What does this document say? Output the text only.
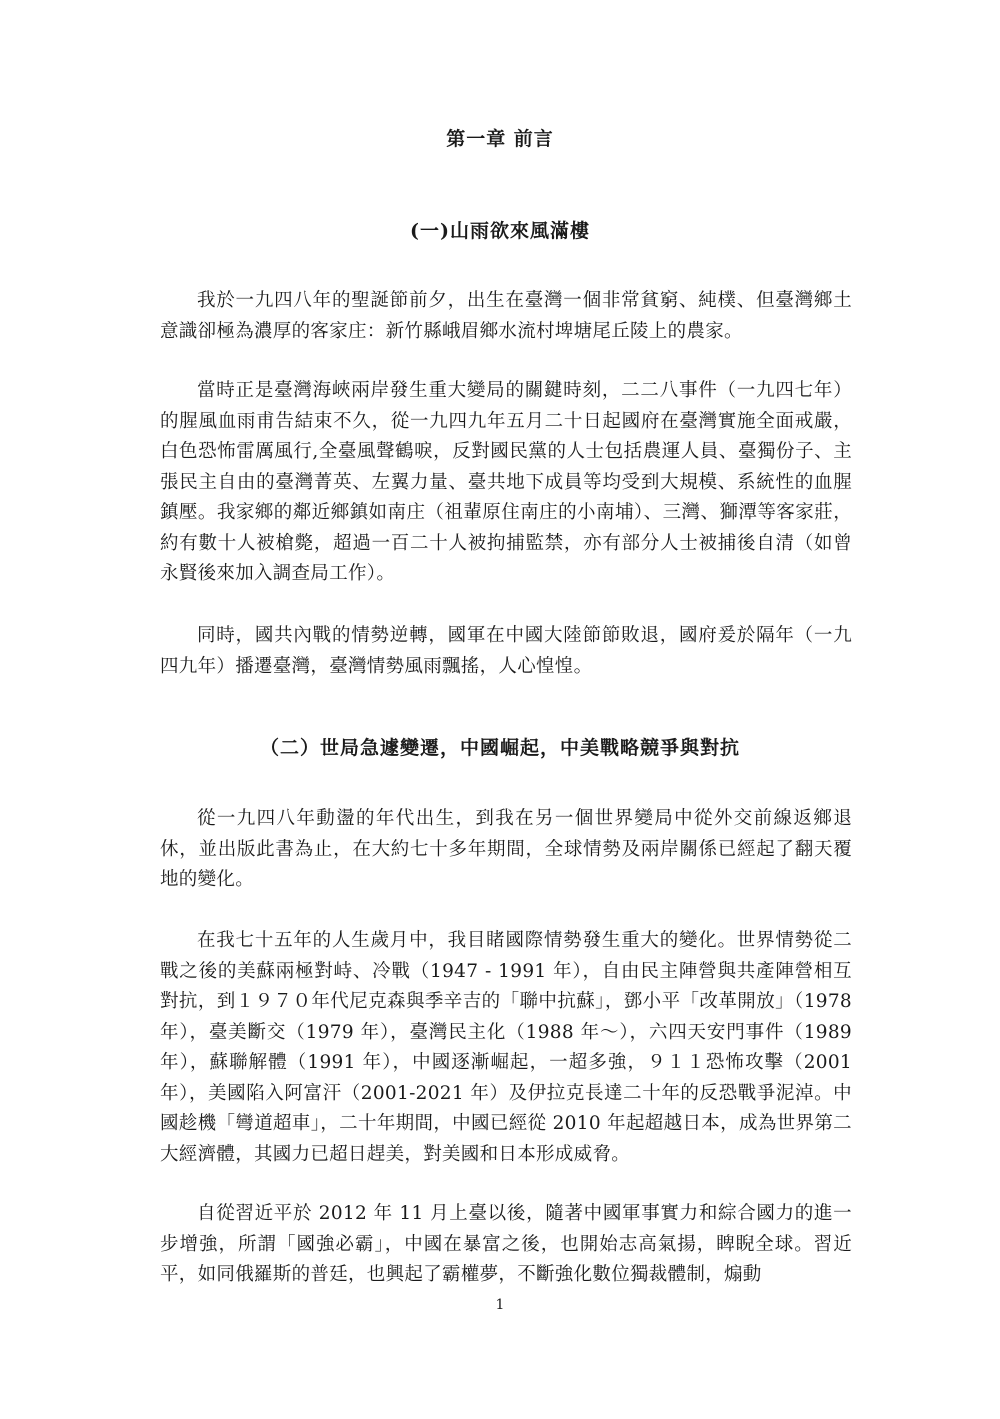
第一章 前言
(一)山雨欲來風滿樓

我於一九四八年的聖誕節前夕，出生在臺灣一個非常貧窮、純樸、但臺灣鄉土意識卻極為濃厚的客家庄：新竹縣峨眉鄉水流村埤塘尾丘陵上的農家。

當時正是臺灣海峽兩岸發生重大變局的關鍵時刻，二二八事件（一九四七年）的腥風血雨甫告結束不久，從一九四九年五月二十日起國府在臺灣實施全面戒嚴，白色恐怖雷厲風行,全臺風聲鶴唳，反對國民黨的人士包括農運人員、臺獨份子、主張民主自由的臺灣菁英、左翼力量、臺共地下成員等均受到大規模、系統性的血腥鎮壓。我家鄉的鄰近鄉鎮如南庄（祖輩原住南庄的小南埔）、三灣、獅潭等客家莊，約有數十人被槍斃，超過一百二十人被拘捕監禁，亦有部分人士被捕後自清（如曾永賢後來加入調查局工作）。

同時，國共內戰的情勢逆轉，國軍在中國大陸節節敗退，國府爰於隔年（一九四九年）播遷臺灣，臺灣情勢風雨飄搖，人心惶惶。

（二）世局急遽變遷，中國崛起，中美戰略競爭與對抗

從一九四八年動盪的年代出生，到我在另一個世界變局中從外交前線返鄉退休，並出版此書為止，在大約七十多年期間，全球情勢及兩岸關係已經起了翻天覆地的變化。

在我七十五年的人生歲月中，我目睹國際情勢發生重大的變化。世界情勢從二戰之後的美蘇兩極對峙、冷戰（1947 - 1991 年），自由民主陣營與共產陣營相互對抗，到１９７０年代尼克森與季辛吉的「聯中抗蘇」，鄧小平「改革開放」（1978 年），臺美斷交（1979 年），臺灣民主化（1988 年～），六四天安門事件（1989 年），蘇聯解體（1991 年），中國逐漸崛起，一超多強，９１１恐怖攻擊（2001 年），美國陷入阿富汗（2001-2021 年）及伊拉克長達二十年的反恐戰爭泥淖。中國趁機「彎道超車」，二十年期間，中國已經從 2010 年起超越日本，成為世界第二大經濟體，其國力已超日趕美，對美國和日本形成威脅。

自從習近平於 2012 年 11 月上臺以後，隨著中國軍事實力和綜合國力的進一步增強，所謂「國強必霸」，中國在暴富之後，也開始志高氣揚，睥睨全球。習近平，如同俄羅斯的普廷，也興起了霸權夢，不斷強化數位獨裁體制，煽動

1
